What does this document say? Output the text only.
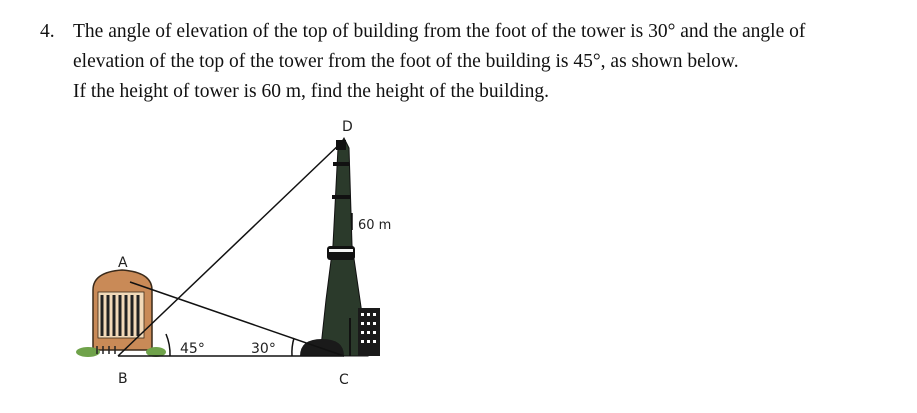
4. The angle of elevation of the top of building from the foot of the tower is 30° and the angle of
elevation of the top of the tower from the foot of the building is 45°, as shown below.
If the height of tower is 60 m, find the height of the building.
D
A
B	C
45°	30°
60 m
